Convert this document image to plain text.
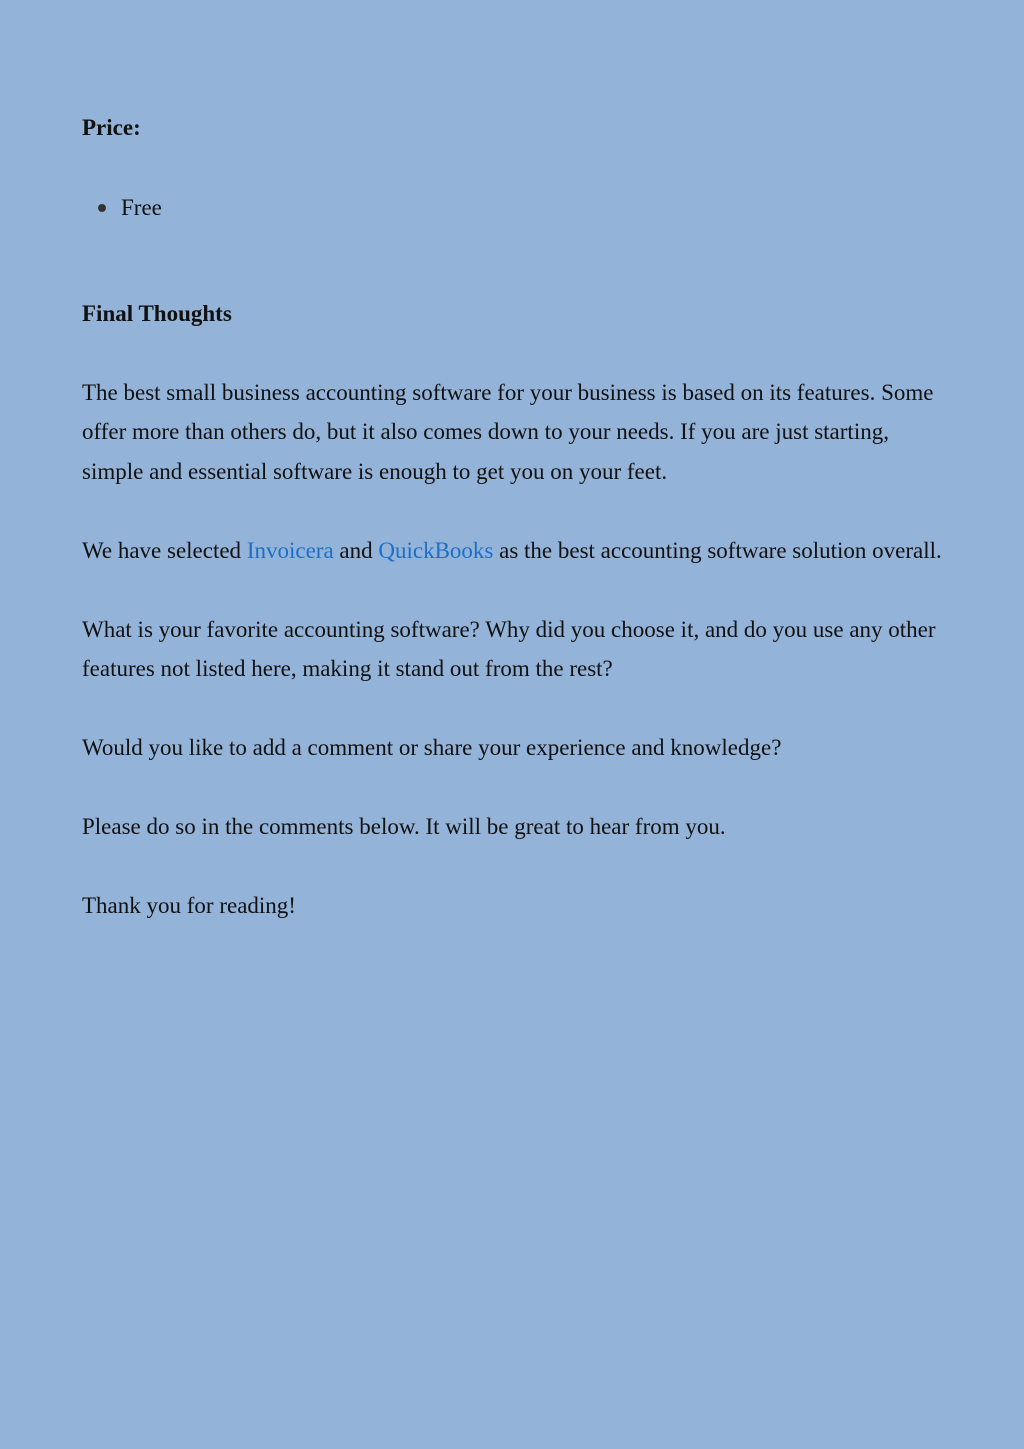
Price:
Free
Final Thoughts

The best small business accounting software for your business is based on its features. Some offer more than others do, but it also comes down to your needs. If you are just starting, simple and essential software is enough to get you on your feet.

We have selected Invoicera and QuickBooks as the best accounting software solution overall.

What is your favorite accounting software? Why did you choose it, and do you use any other features not listed here, making it stand out from the rest?

Would you like to add a comment or share your experience and knowledge?

Please do so in the comments below. It will be great to hear from you.

Thank you for reading!
